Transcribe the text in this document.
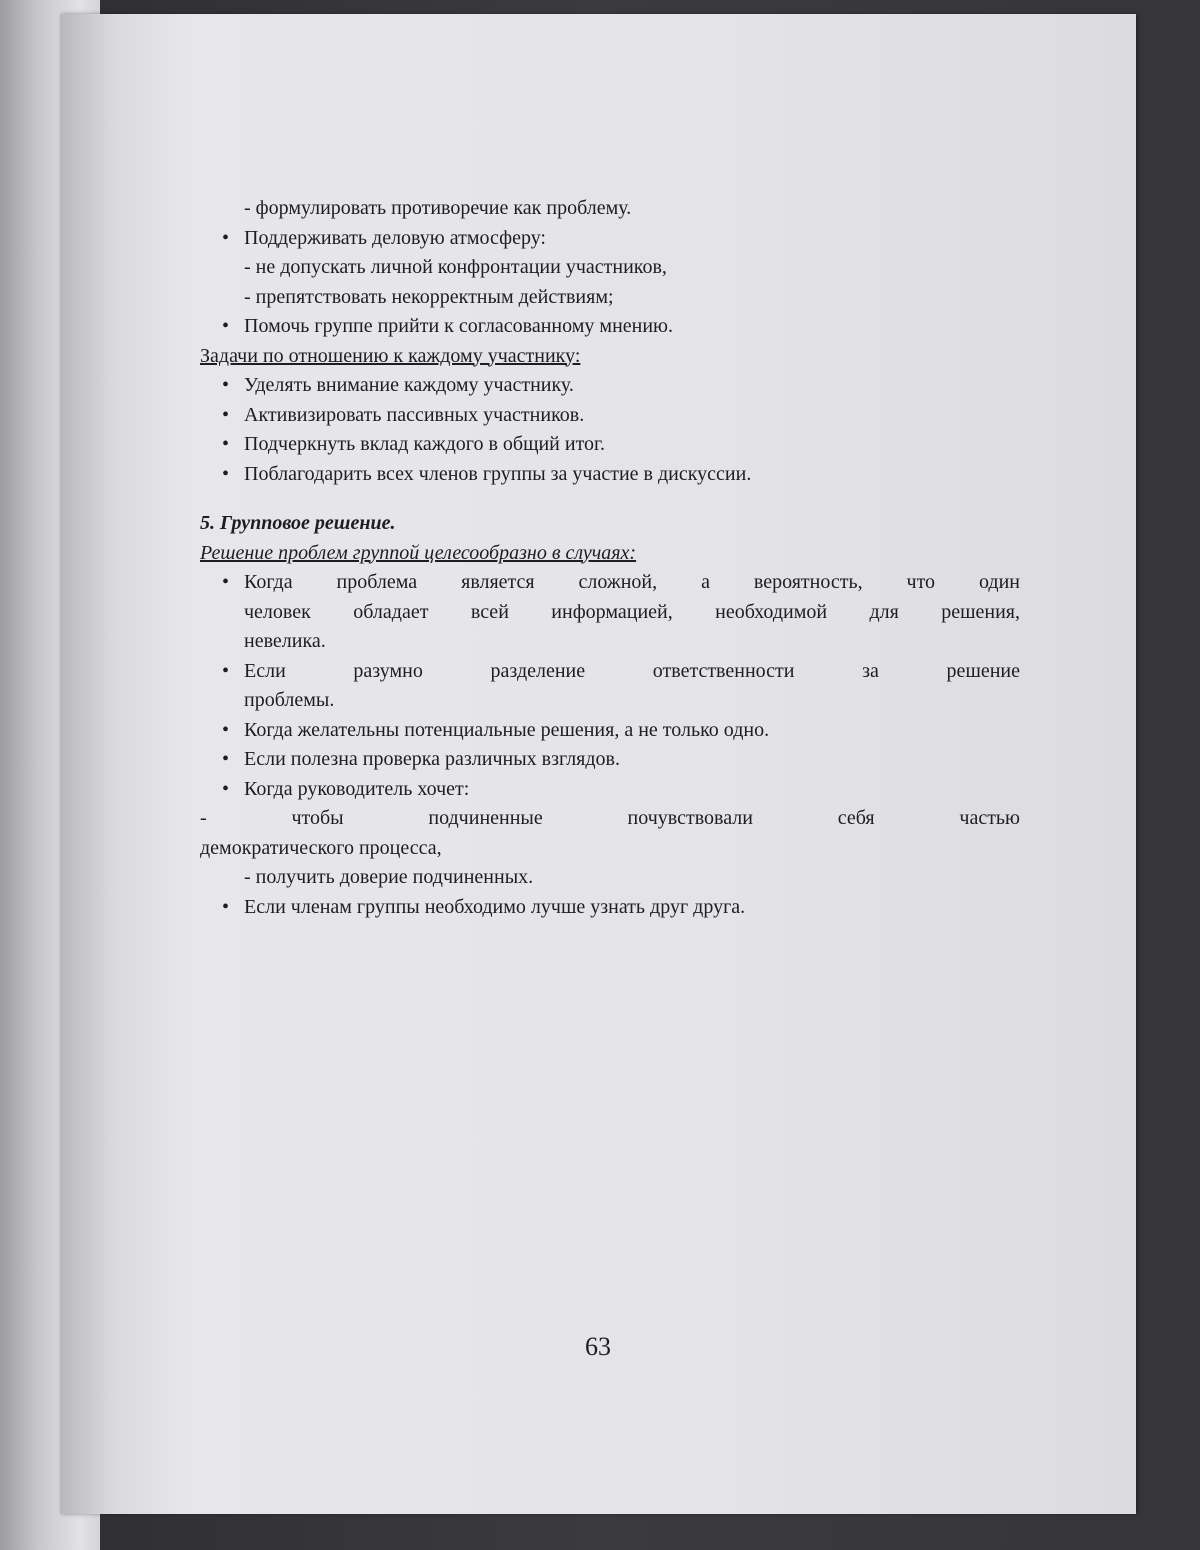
- формулировать противоречие как проблему.
• Поддерживать деловую атмосферу:
- не допускать личной конфронтации участников,
- препятствовать некорректным действиям;
• Помочь группе прийти к согласованному мнению.
Задачи по отношению к каждому участнику:
• Уделять внимание каждому участнику.
• Активизировать пассивных участников.
• Подчеркнуть вклад каждого в общий итог.
• Поблагодарить всех членов группы за участие в дискуссии.
5. Групповое решение.
Решение проблем группой целесообразно в случаях:
• Когда проблема является сложной, а вероятность, что один
человек обладает всей информацией, необходимой для решения,
невелика.
• Если разумно разделение ответственности за решение
проблемы.
• Когда желательны потенциальные решения, а не только одно.
• Если полезна проверка различных взглядов.
• Когда руководитель хочет:
- чтобы подчиненные почувствовали себя частью
демократического процесса,
- получить доверие подчиненных.
• Если членам группы необходимо лучше узнать друг друга.
63
